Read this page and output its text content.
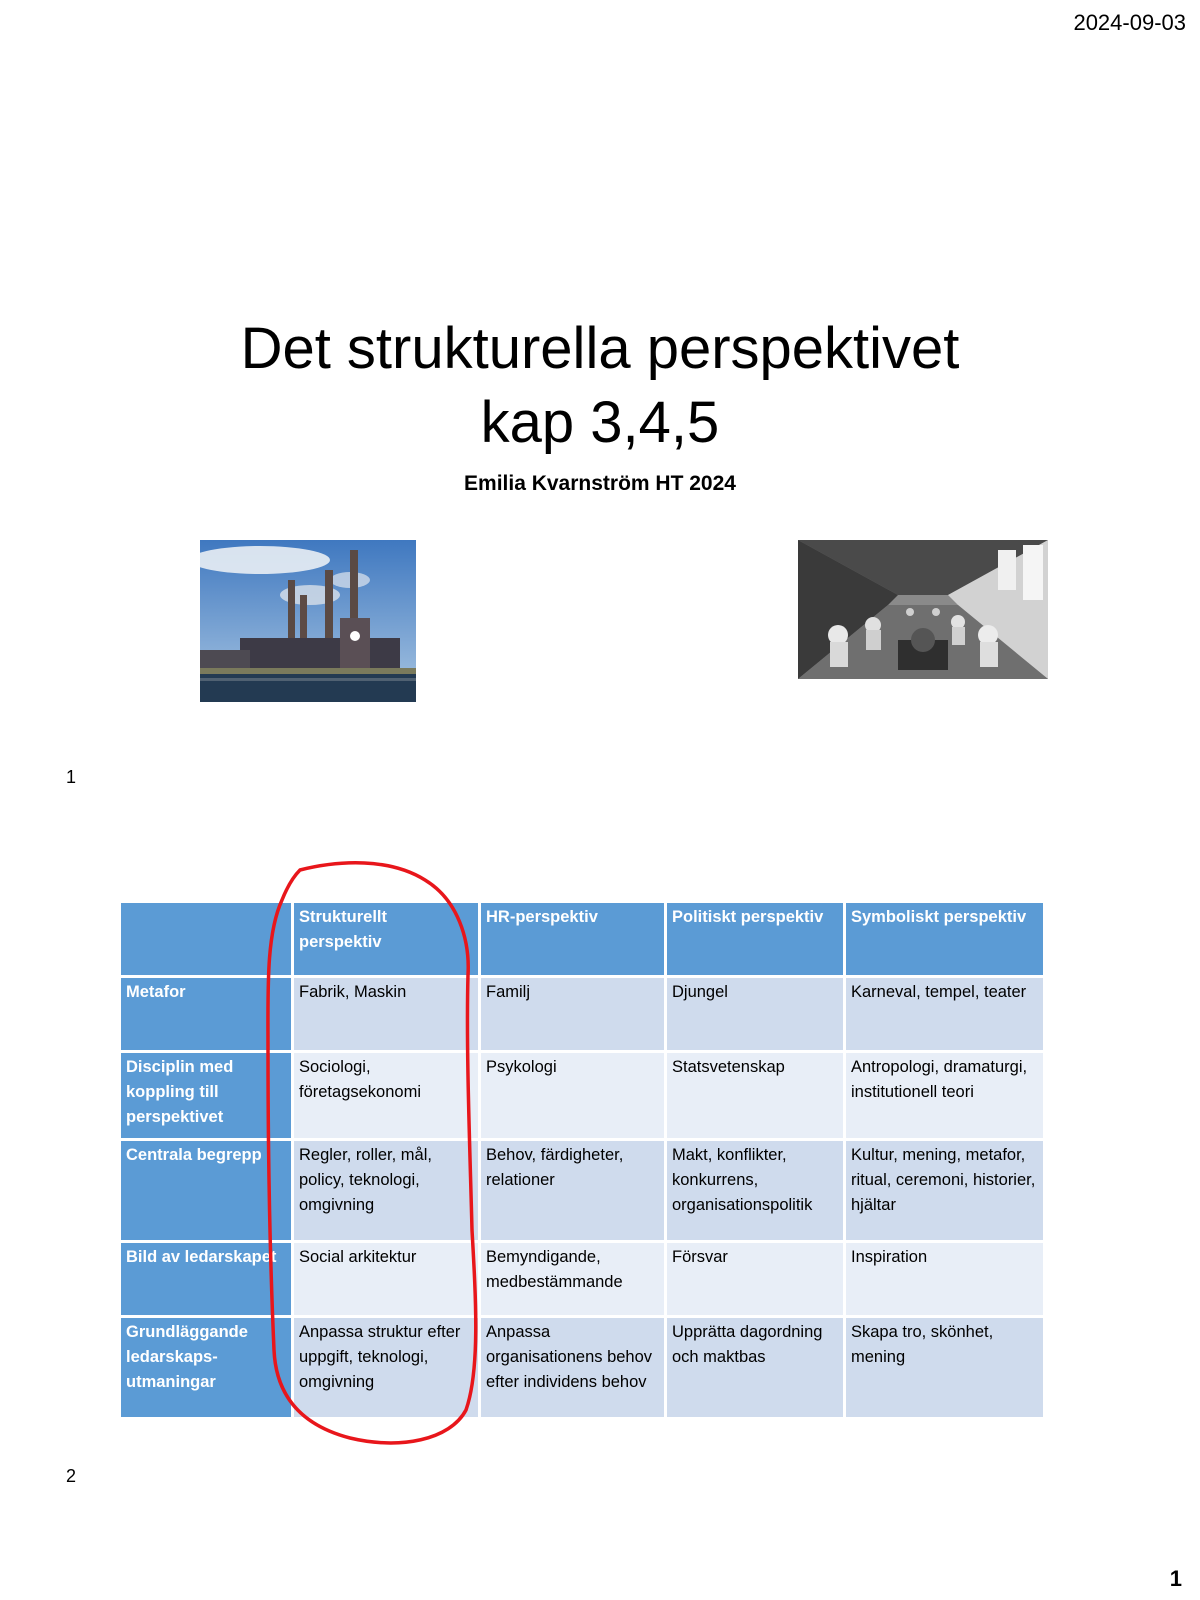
2024-09-03
Det strukturella perspektivet
kap 3,4,5
Emilia Kvarnström HT 2024
1
	Strukturellt perspektiv	HR-perspektiv	Politiskt perspektiv	Symboliskt perspektiv
Metafor	Fabrik, Maskin	Familj	Djungel	Karneval, tempel, teater
Disciplin med koppling till perspektivet	Sociologi, företagsekonomi	Psykologi	Statsvetenskap	Antropologi, dramaturgi, institutionell teori
Centrala begrepp	Regler, roller, mål, policy, teknologi, omgivning	Behov, färdigheter, relationer	Makt, konflikter, konkurrens, organisationspolitik	Kultur, mening, metafor, ritual, ceremoni, historier, hjältar
Bild av ledarskapet	Social arkitektur	Bemyndigande, medbestämmande	Försvar	Inspiration
Grundläggande ledarskaps-utmaningar	Anpassa struktur efter uppgift, teknologi, omgivning	Anpassa organisationens behov efter individens behov	Upprätta dagordning och maktbas	Skapa tro, skönhet, mening
2
1
